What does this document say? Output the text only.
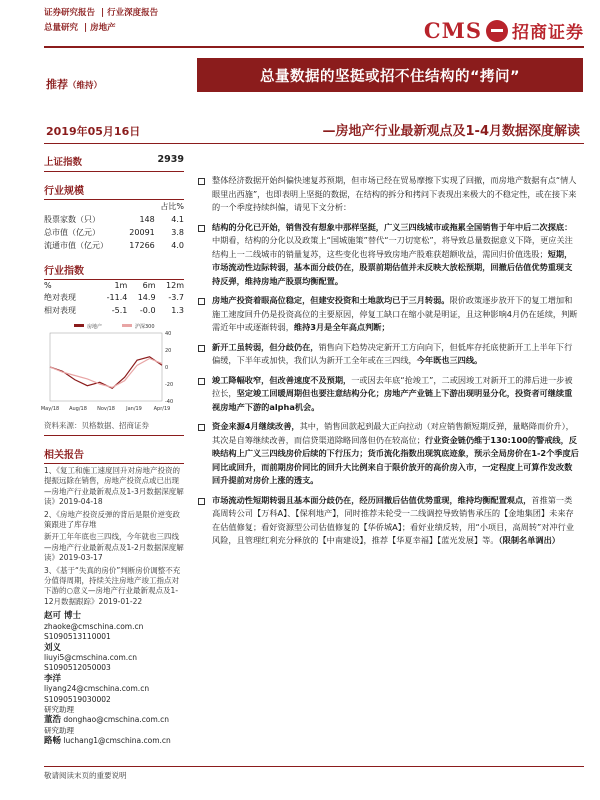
证券研究报告 | 行业深度报告
总量研究 | 房地产	CMS 招商证券
推荐（维持）
总量数据的坚挺或招不住结构的“拷问”
2019年05月16日	—房地产行业最新观点及1-4月数据深度解读
上证指数	2939
行业规模
		占比%
股票家数（只）	148	4.1
总市值（亿元）	20091	3.8
流通市值（亿元）	17266	4.0
行业指数
%	1m	6m	12m
绝对表现	-11.4	14.9	-3.7
相对表现	-5.1	-0.0	1.3
房地产	沪深300
40
20
0
-20
-40
May/18 Aug/18 Nov/18 Jan/19 Apr/19
资料来源：贝格数据、招商证券
相关报告

1、《复工和施工速度回升对房地产投资的提振远除在销售，房地产投资点或已出现—房地产行业最新观点及1-3月数据深度解读》2019-04-18

2、《房地产投资反弹的背后是限价逆变政策跟进了库存堆

新开工年年底也三四线，今年就也三四线—房地产行业最新观点及1-2月数据深度解读》2019-03-17

3、《基于“失真的房价”判断房价调整不充分值得周期，持续关注房地产竣工指点对下游的○意义—房地产行业最新观点及1-12月数据跟踪》2019-01-22

赵可 博士
zhaoke@cmschina.com.cn
S1090513110001
刘义
liuyi5@cmschina.com.cn
S1090512050003
李洋
liyang24@cmschina.com.cn
S1090519030002
研究助理
董浩 donghao@cmschina.com.cn
研究助理
路畅 luchang1@cmschina.com.cn
整体经济数据开始纠偏快速复苏预期，但市场已经在贸易摩擦下实现了回撤，而房地产数据有点“情人眼里出西施”，也即表明上坚挺的数据，在结构的拆分和拷问下表现出来极大的不稳定性，或在接下来的一个季度持续纠偏，请见下文分析：
结构的分化已开始，销售没有想象中那样坚挺，广义三四线城市或拖累全国销售于年中后二次探底：中期看，结构的分化以及政策上“国城施策”替代“一刀切宽松”，将导致总量数据意义下降，更应关注结构上一二线城市的销量复苏，这些变化也将导致房地产股难获超额收益，需回归价值选股；短期，市场流动性边际转弱，基本面分歧仍在，股票前期估值并未反映大放松预期，回撤后估值优势重现支持反弹，维持房地产股票均衡配置。
房地产投资着眼高位稳定，但建安投资和土地款均已于三月转弱。限价政策逐步放开下的复工增加和施工速度回升仍是投资高位的主要原因，停复工缺口在缩小就是明证，且这种影响4月仍在延续，判断需近年中或逐渐转弱，维持3月是全年高点判断；
新开工虽转弱，但分歧仍在，销售向下趋势决定新开工方向向下，但低库存托底使新开工上半年下行偏缓，下半年或加快，我们认为新开工全年或在三四线，今年既也三四线。
竣工降幅收窄，但改善速度不及预期，一或因去年底“抢竣工”，二或因竣工对新开工的滞后进一步被拉长，坚定竣工回暖周期但也要注意结构分化；房地产产业链上下游出现明显分化，投资者可继续重视房地产下游的alpha机会。
资金来源4月继续改善，其中，销售回款起到最大正向拉动（对应销售额短期反弹，量略降而价升），其次是自筹继续改善，而信贷渠道除略回落但仍在较高位；行业资金链仍维于130:100的警戒线，反映结构上广义三四线房价后续的下行压力；货币流化指数出现筑底迹象，预示全局房价在1-2个季度后同比或回升，而前期房价同比的回升大比例来自于限价放开的高价房入市，一定程度上可算作发改数回升提前对房价上涨的透支。
市场流动性短期转弱且基本面分歧仍在，经历回撤后估值优势重现，维持均衡配置观点，首推第一类高周转公司【万科A】、【保利地产】，同时推荐未轮受一二线调控导致销售承压的【金地集团】未来存在估值修复；看好资源型公司估值修复的【华侨城A】；看好业绩反转，用“小项目，高周转”对冲行业风险，且管理红利充分释放的【中南建设】，推荐【华夏幸福】【蓝光发展】等。（限制名单调出）
敬请阅读末页的重要说明
